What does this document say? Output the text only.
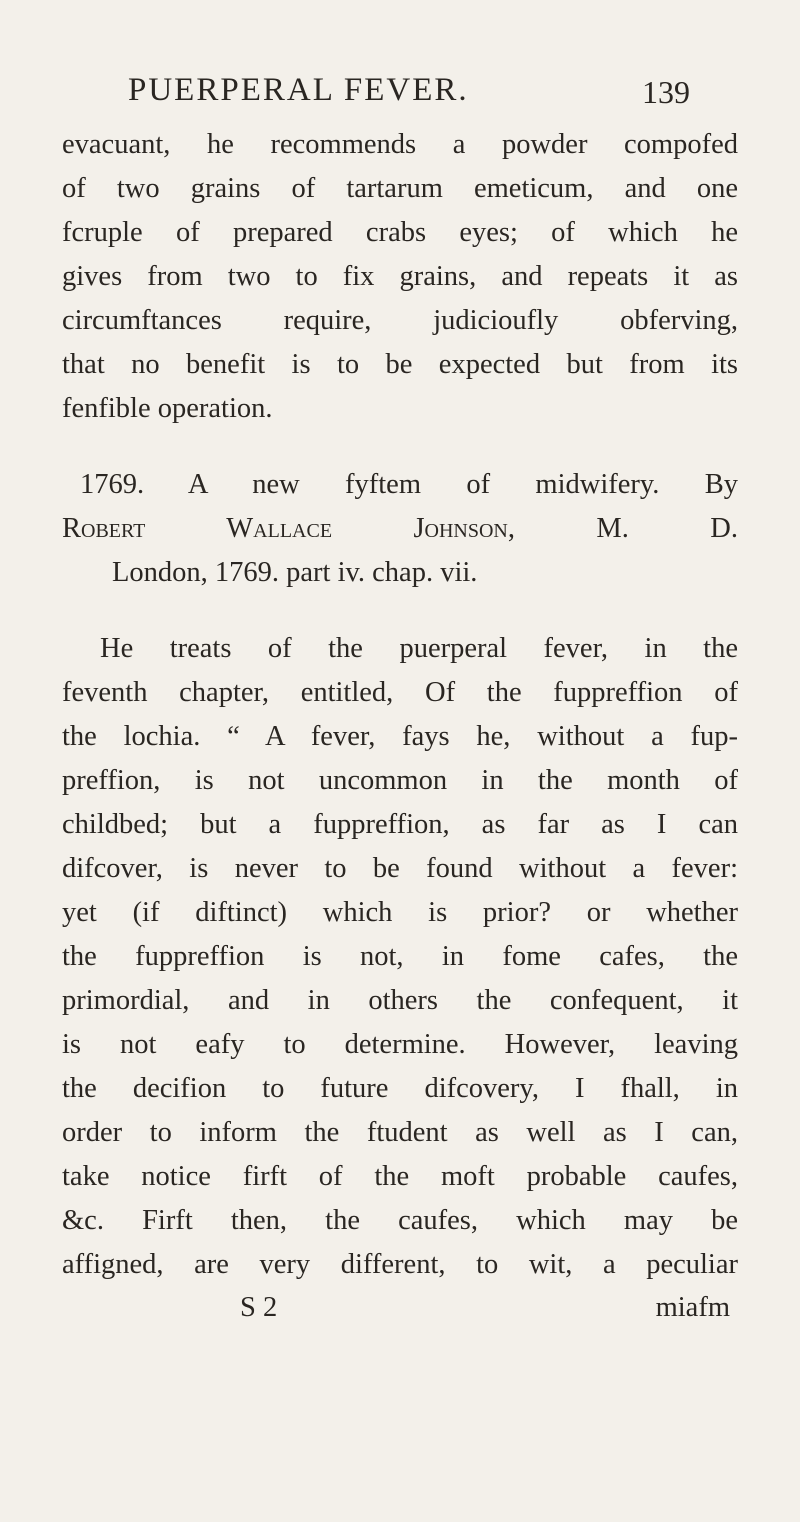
PUERPERAL FEVER.	139
evacuant, he recommends a powder compofed
of two grains of tartarum emeticum, and one
fcruple of prepared crabs eyes; of which he
gives from two to fix grains, and repeats it as
circumftances require, judicioufly obferving,
that no benefit is to be expected but from its
fenfible operation.
1769. A new fyftem of midwifery. By
Robert Wallace Johnson, M. D.
London, 1769. part iv. chap. vii.
He treats of the puerperal fever, in the
feventh chapter, entitled, Of the fuppreffion of
the lochia. “ A fever, fays he, without a fup-
preffion, is not uncommon in the month of
childbed; but a fuppreffion, as far as I can
difcover, is never to be found without a fever:
yet (if diftinct) which is prior? or whether
the fuppreffion is not, in fome cafes, the
primordial, and in others the confequent, it
is not eafy to determine. However, leaving
the decifion to future difcovery, I fhall, in
order to inform the ftudent as well as I can,
take notice firft of the moft probable caufes,
&c. Firft then, the caufes, which may be
affigned, are very different, to wit, a peculiar
S 2	miafm
